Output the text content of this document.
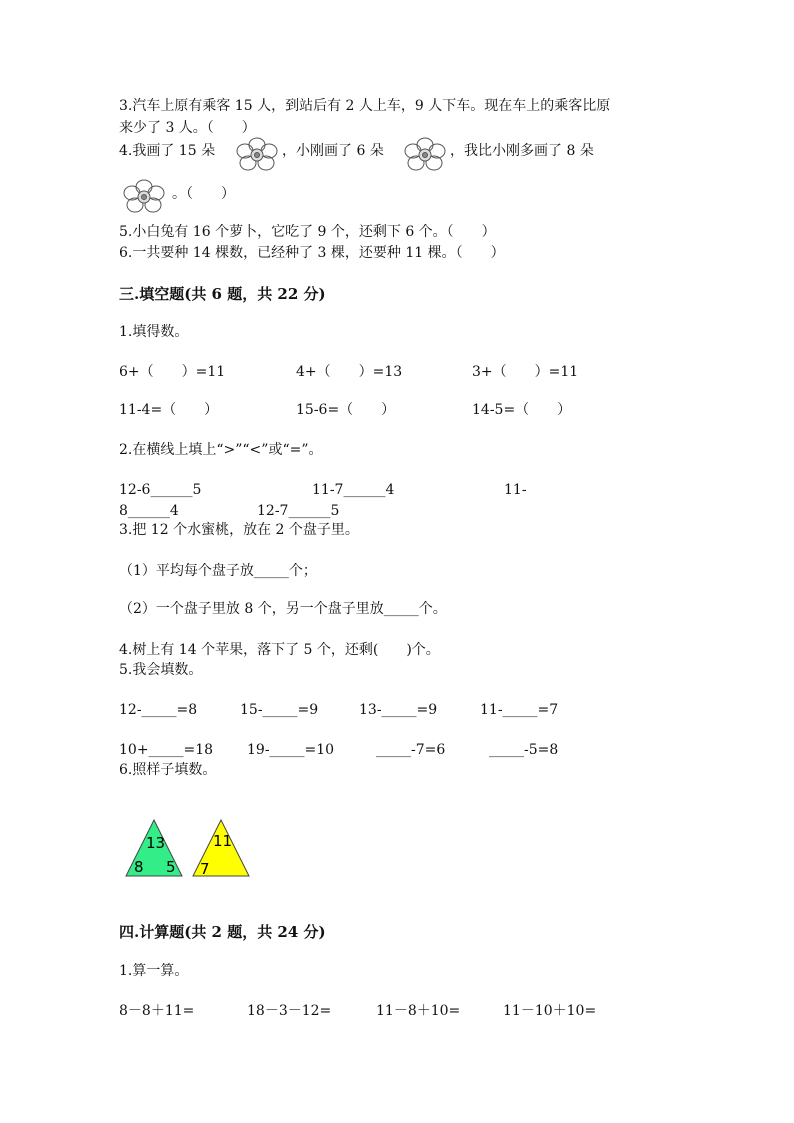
3.汽车上原有乘客 15 人，到站后有 2 人上车，9 人下车。现在车上的乘客比原
来少了 3 人。（　　）
4.我画了 15 朵	，小刚画了 6 朵	，我比小刚多画了 8 朵
。（　　）
5.小白兔有 16 个萝卜，它吃了 9 个，还剩下 6 个。（　　）
6.一共要种 14 棵数，已经种了 3 棵，还要种 11 棵。（　　）
三.填空题(共 6 题，共 22 分)
1.填得数。
6+（　　）=11	4+（　　）=13	3+（　　）=11
11-4=（　　）	15-6=（　　）	14-5=（　　）
2.在横线上填上“>”“<”或“=”。
12-6______5	11-7______4	11-
8______4	12-7______5
3.把 12 个水蜜桃，放在 2 个盘子里。
（1）平均每个盘子放_____个；
（2）一个盘子里放 8 个，另一个盘子里放_____个。
4.树上有 14 个苹果，落下了 5 个，还剩(　　)个。
5.我会填数。
12-_____=8	15-_____=9	13-_____=9	11-_____=7
10+_____=18 19-_____=10	_____-7=6	_____-5=8
6.照样子填数。
13
8 5
11
7
四.计算题(共 2 题，共 24 分)
1.算一算。
8－8＋11=	18－3－12=	11－8＋10=	11－10＋10=
